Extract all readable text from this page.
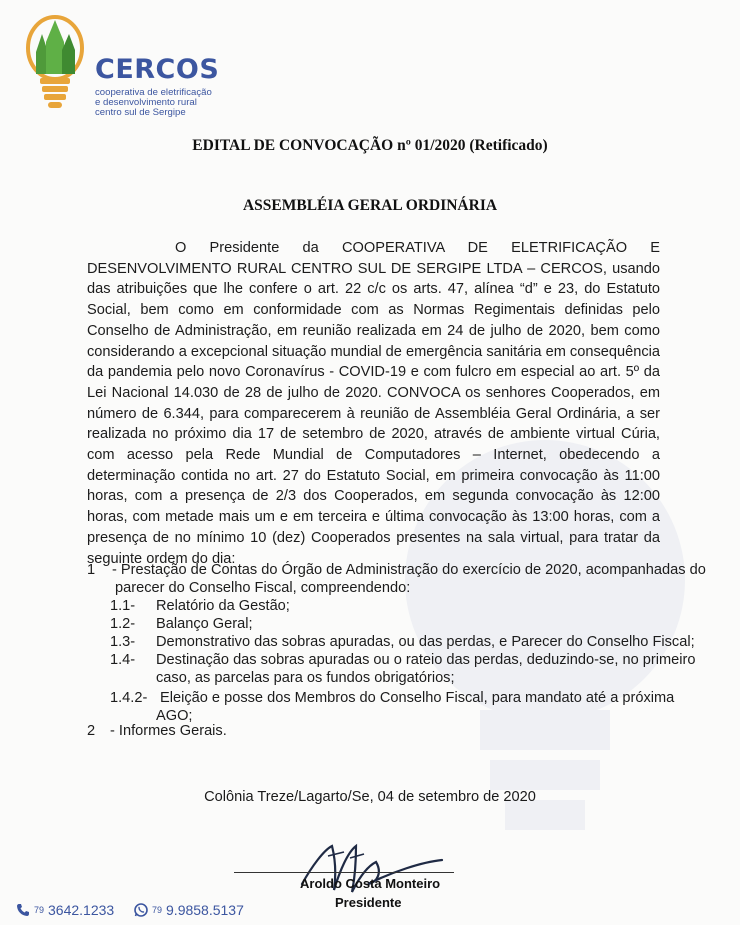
CERCOS
cooperativa de eletrificação
e desenvolvimento rural
centro sul de Sergipe
EDITAL DE CONVOCAÇÃO nº 01/2020 (Retificado)
ASSEMBLÉIA GERAL ORDINÁRIA
O Presidente da COOPERATIVA DE ELETRIFICAÇÃO E DESENVOLVIMENTO RURAL CENTRO SUL DE SERGIPE LTDA – CERCOS, usando das atribuições que lhe confere o art. 22 c/c os arts. 47, alínea “d” e 23, do Estatuto Social, bem como em conformidade com as Normas Regimentais definidas pelo Conselho de Administração, em reunião realizada em 24 de julho de 2020, bem como considerando a excepcional situação mundial de emergência sanitária em consequência da pandemia pelo novo Coronavírus - COVID-19 e com fulcro em especial ao art. 5º da Lei Nacional 14.030 de 28 de julho de 2020. CONVOCA os senhores Cooperados, em número de 6.344, para comparecerem à reunião de Assembléia Geral Ordinária, a ser realizada no próximo dia 17 de setembro de 2020, através de ambiente virtual Cúria, com acesso pela Rede Mundial de Computadores – Internet, obedecendo a determinação contida no art. 27 do Estatuto Social, em primeira convocação às 11:00 horas, com a presença de 2/3 dos Cooperados, em segunda convocação às 12:00 horas, com metade mais um e em terceira e última convocação às 13:00 horas, com a presença de no mínimo 10 (dez) Cooperados presentes na sala virtual, para tratar da seguinte ordem do dia:
1 - Prestação de Contas do Órgão de Administração do exercício de 2020, acompanhadas do
parecer do Conselho Fiscal, compreendendo:
1.1- Relatório da Gestão;
1.2- Balanço Geral;
1.3- Demonstrativo das sobras apuradas, ou das perdas, e Parecer do Conselho Fiscal;
1.4- Destinação das sobras apuradas ou o rateio das perdas, deduzindo-se, no primeiro
caso, as parcelas para os fundos obrigatórios;
1.4.2- Eleição e posse dos Membros do Conselho Fiscal, para mandato até a próxima
AGO;
2 - Informes Gerais.
Colônia Treze/Lagarto/Se, 04 de setembro de 2020
Aroldo Costa Monteiro
Presidente
79 3642.1233	79 9.9858.5137
